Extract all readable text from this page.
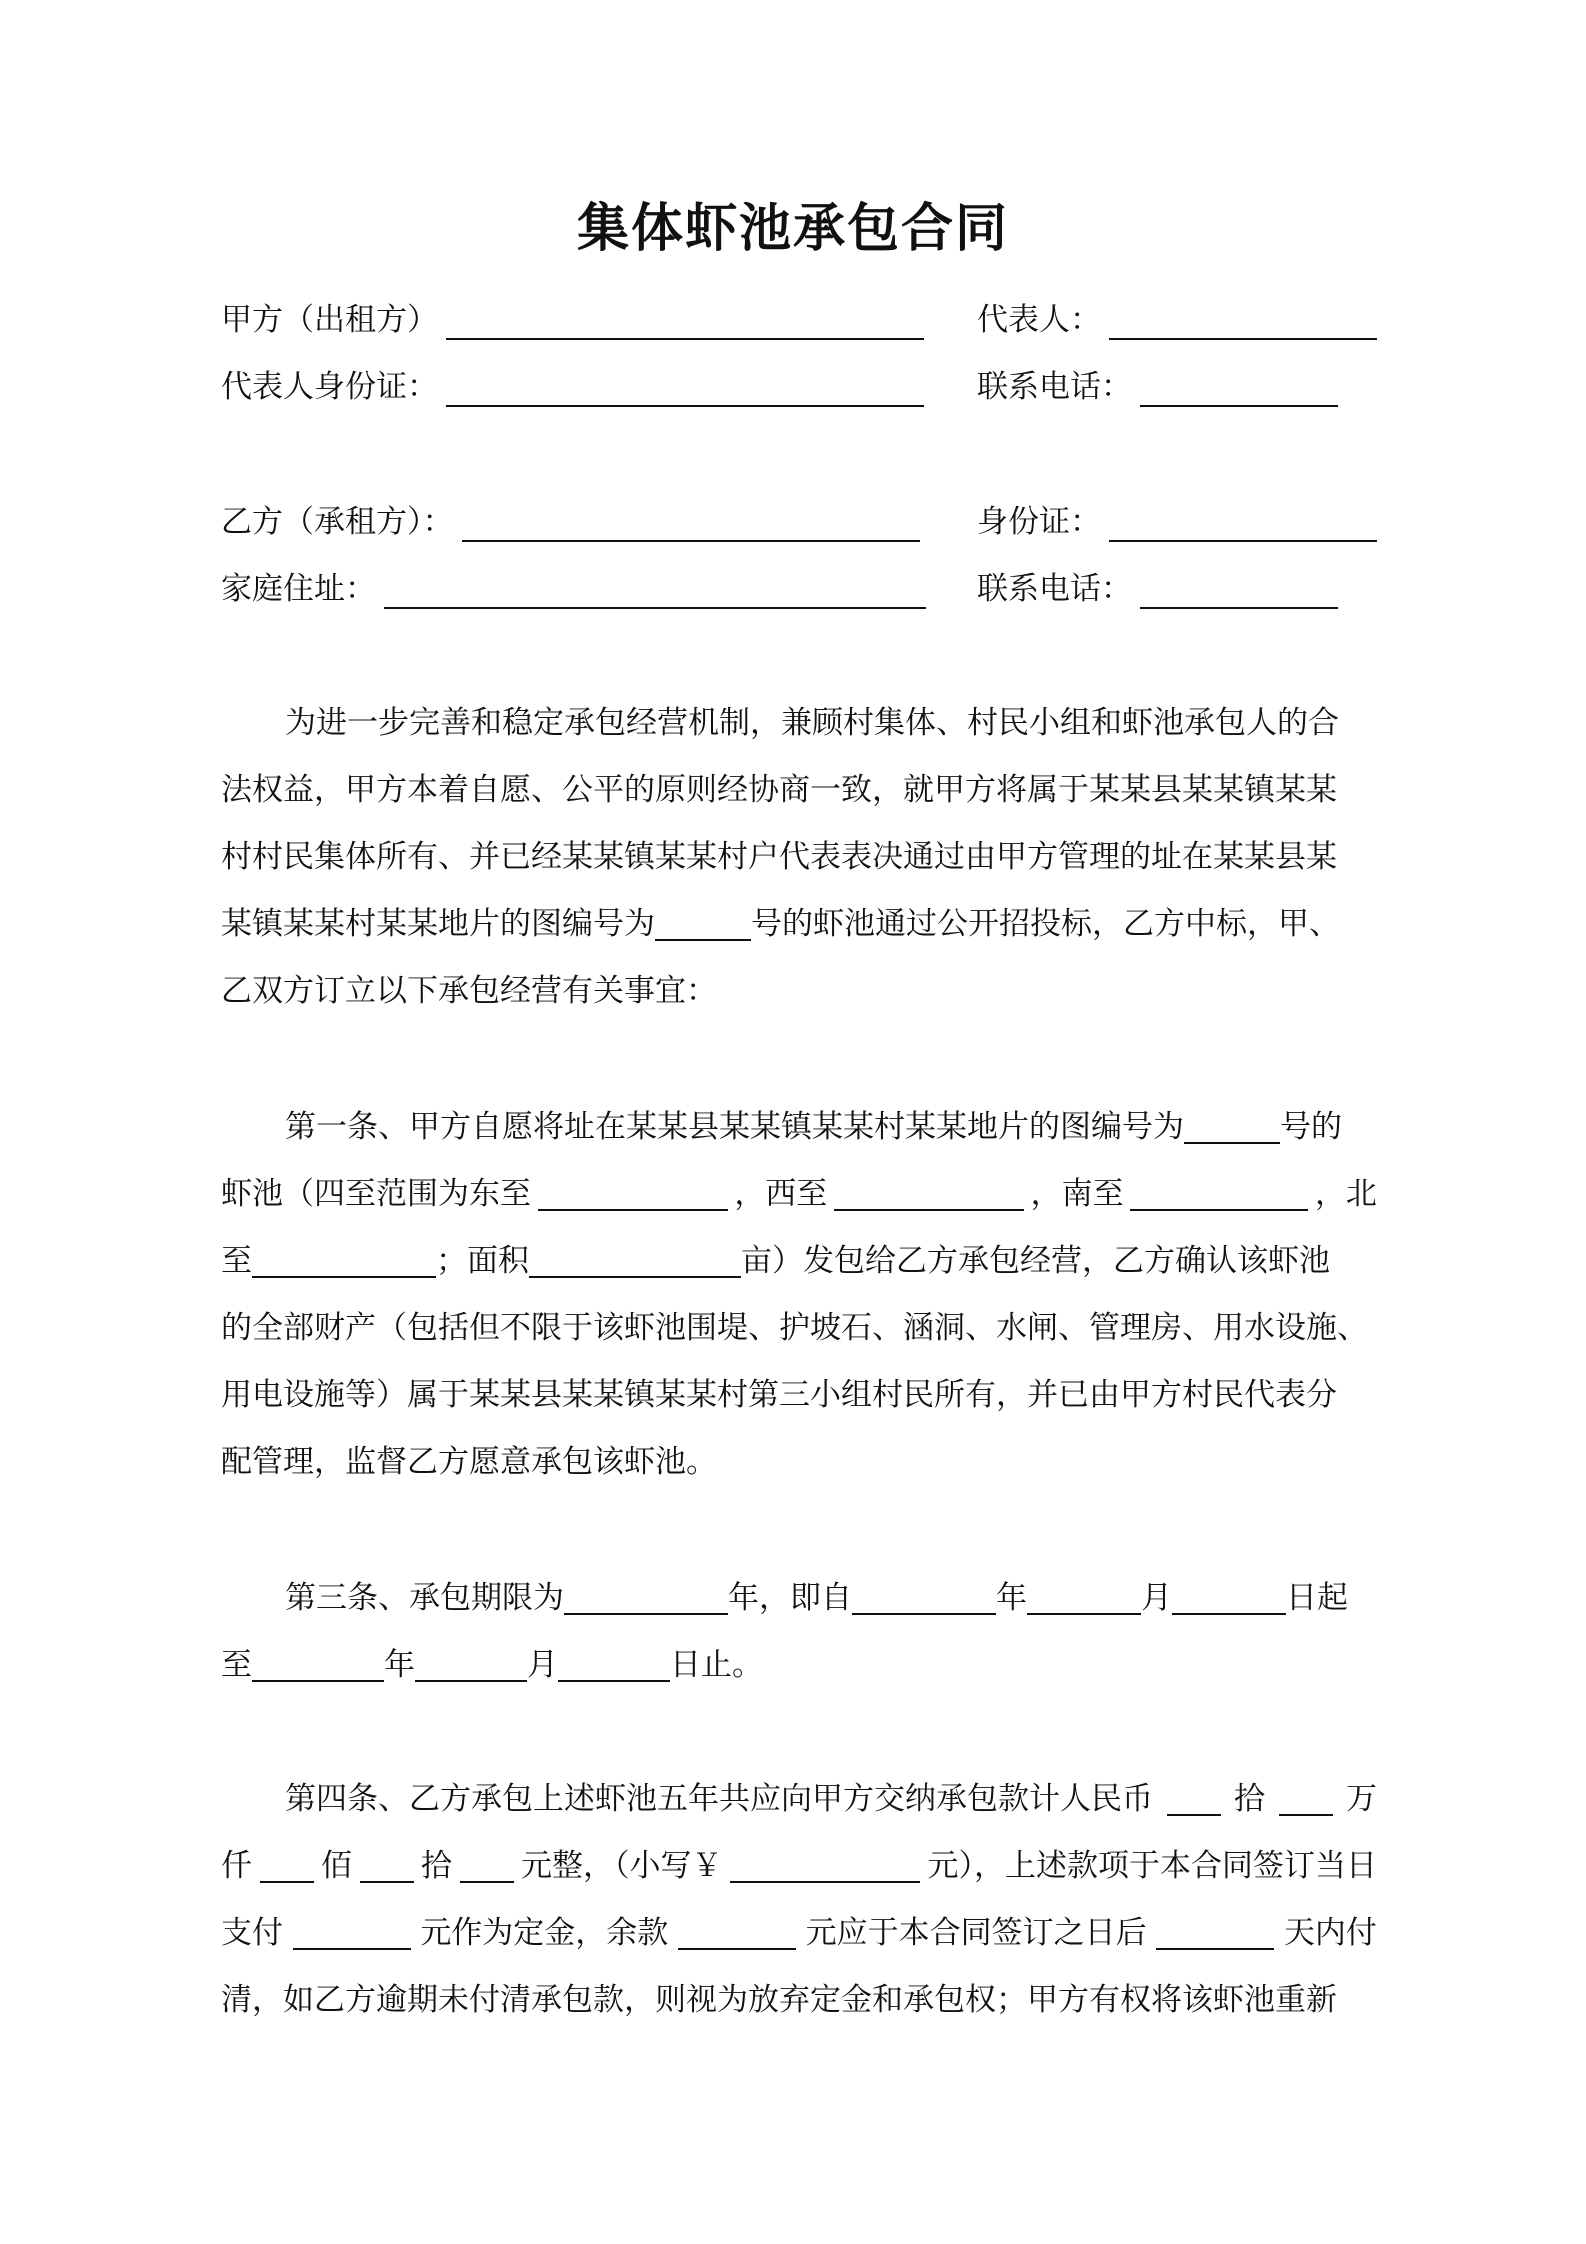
集体虾池承包合同
甲方（出租方）	代表人：
代表人身份证：	联系电话：
乙方（承租方）：	身份证：
家庭住址：	联系电话：
为进一步完善和稳定承包经营机制，兼顾村集体、村民小组和虾池承包人的合
法权益，甲方本着自愿、公平的原则经协商一致，就甲方将属于某某县某某镇某某
村村民集体所有、并已经某某镇某某村户代表表决通过由甲方管理的址在某某县某
某镇某某村某某地片的图编号为	号的虾池通过公开招投标，乙方中标，甲、
乙双方订立以下承包经营有关事宜：
第一条、甲方自愿将址在某某县某某镇某某村某某地片的图编号为	号的
虾池（四至范围为东至	，西至	，南至	，北
至	；面积	亩）发包给乙方承包经营，乙方确认该虾池
的全部财产（包括但不限于该虾池围堤、护坡石、涵洞、水闸、管理房、用水设施、
用电设施等）属于某某县某某镇某某村第三小组村民所有，并已由甲方村民代表分
配管理，监督乙方愿意承包该虾池。
第三条、承包期限为	年，即自	年	月	日起
至	年	月	日止。
第四条、乙方承包上述虾池五年共应向甲方交纳承包款计人民币	拾	万
仟 佰 拾 元整，（小写￥	元），上述款项于本合同签订当日
支付	元作为定金，余款	元应于本合同签订之日后	天内付
清，如乙方逾期未付清承包款，则视为放弃定金和承包权；甲方有权将该虾池重新
